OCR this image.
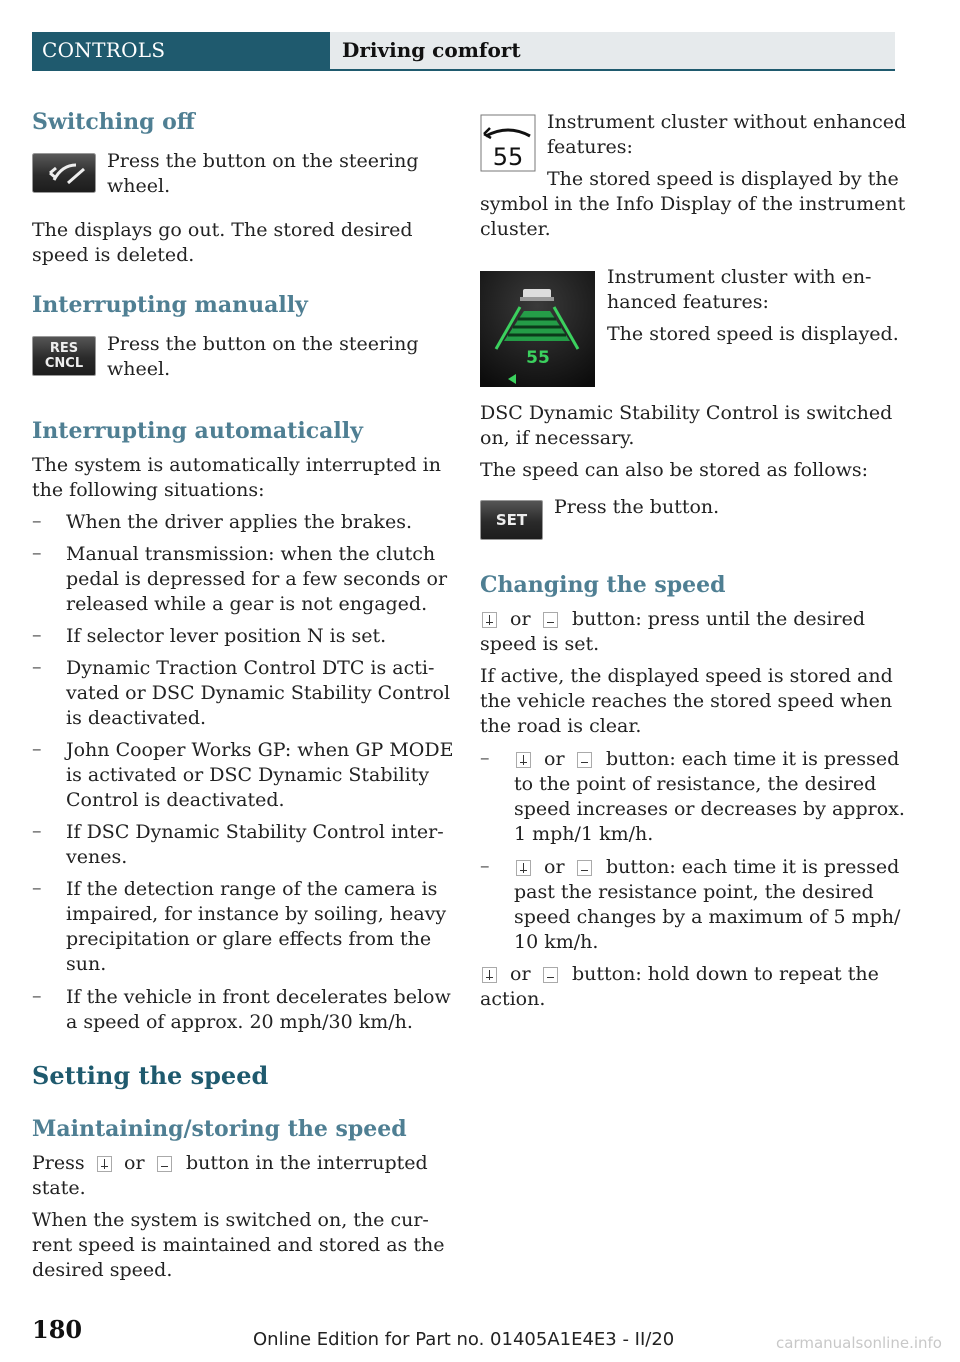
CONTROLS	Driving comfort
Switching off
Press the button on the steering
wheel.
The displays go out. The stored desired
speed is deleted.
Interrupting manually
RES
CNCL
Press the button on the steering
wheel.
Interrupting automatically
The system is automatically interrupted in
the following situations:
– When the driver applies the brakes.
– Manual transmission: when the clutch
pedal is depressed for a few seconds or
released while a gear is not engaged.
– If selector lever position N is set.
– Dynamic Traction Control DTC is acti-
vated or DSC Dynamic Stability Control
is deactivated.
– John Cooper Works GP: when GP MODE
is activated or DSC Dynamic Stability
Control is deactivated.
– If DSC Dynamic Stability Control inter-
venes.
– If the detection range of the camera is
impaired, for instance by soiling, heavy
precipitation or glare effects from the
sun.
– If the vehicle in front decelerates below
a speed of approx. 20 mph/30 km/h.
Setting the speed
Maintaining/storing the speed
Press or button in the interrupted
state.
When the system is switched on, the cur-
rent speed is maintained and stored as the
desired speed.
55
Instrument cluster without enhanced
features:
The stored speed is displayed by the
symbol in the Info Display of the instrument
cluster.
55
Instrument cluster with en-
hanced features:
The stored speed is displayed.
DSC Dynamic Stability Control is switched
on, if necessary.
The speed can also be stored as follows:
SET
Press the button.
Changing the speed
or button: press until the desired
speed is set.
If active, the displayed speed is stored and
the vehicle reaches the stored speed when
the road is clear.
–	or button: each time it is pressed
to the point of resistance, the desired
speed increases or decreases by approx.
1 mph/1 km/h.
–	or button: each time it is pressed
past the resistance point, the desired
speed changes by a maximum of 5 mph/
10 km/h.
or button: hold down to repeat the
action.
180	Online Edition for Part no. 01405A1E4E3 - II/20	carmanualsonline.info
